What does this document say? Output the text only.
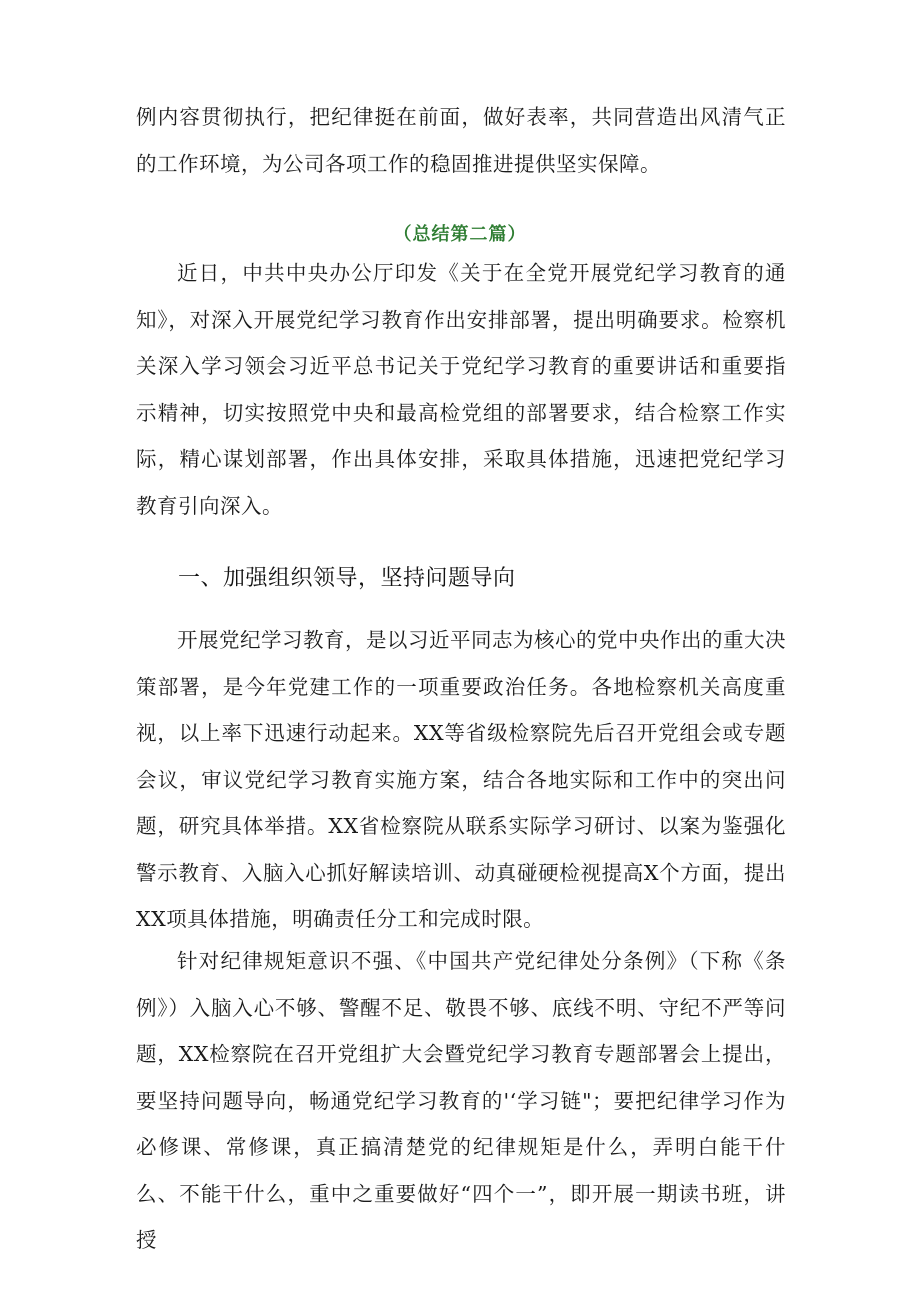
例内容贯彻执行，把纪律挺在前面，做好表率，共同营造出风清气正的工作环境，为公司各项工作的稳固推进提供坚实保障。

（总结第二篇）

近日，中共中央办公厅印发《关于在全党开展党纪学习教育的通知》，对深入开展党纪学习教育作出安排部署，提出明确要求。检察机关深入学习领会习近平总书记关于党纪学习教育的重要讲话和重要指示精神，切实按照党中央和最高检党组的部署要求，结合检察工作实际，精心谋划部署，作出具体安排，采取具体措施，迅速把党纪学习教育引向深入。

一、加强组织领导，坚持问题导向

开展党纪学习教育，是以习近平同志为核心的党中央作出的重大决策部署，是今年党建工作的一项重要政治任务。各地检察机关高度重视，以上率下迅速行动起来。XX等省级检察院先后召开党组会或专题会议，审议党纪学习教育实施方案，结合各地实际和工作中的突出问题，研究具体举措。XX省检察院从联系实际学习研讨、以案为鉴强化警示教育、入脑入心抓好解读培训、动真碰硬检视提高X个方面，提出XX项具体措施，明确责任分工和完成时限。

针对纪律规矩意识不强、《中国共产党纪律处分条例》（下称《条例》）入脑入心不够、警醒不足、敬畏不够、底线不明、守纪不严等问题，XX检察院在召开党组扩大会暨党纪学习教育专题部署会上提出，要坚持问题导向，畅通党纪学习教育的'‘学习链"；要把纪律学习作为必修课、常修课，真正搞清楚党的纪律规矩是什么，弄明白能干什么、不能干什么，重中之重要做好“四个一”，即开展一期读书班，讲授
